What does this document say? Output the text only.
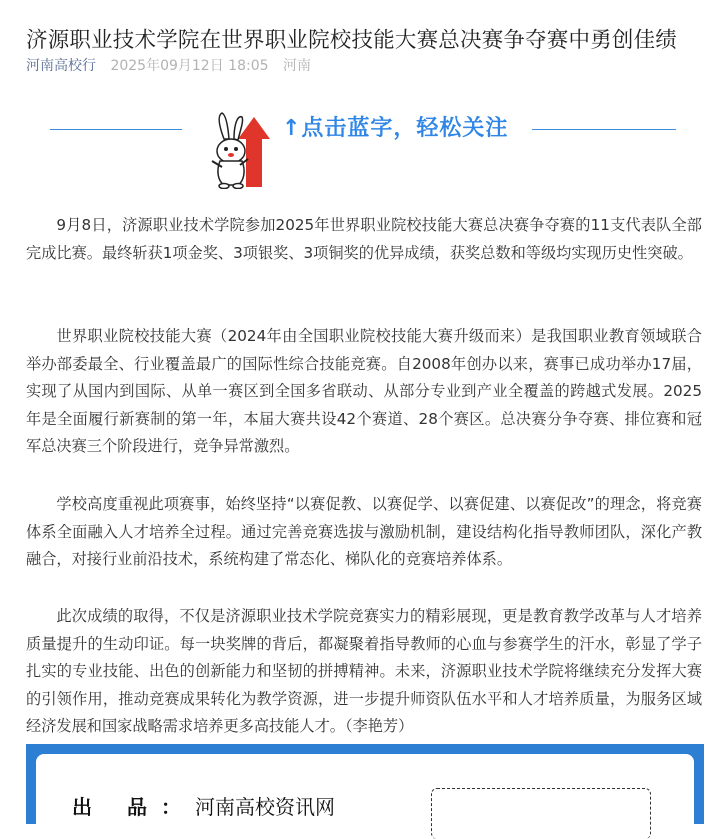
济源职业技术学院在世界职业院校技能大赛总决赛争夺赛中勇创佳绩
河南高校行 2025年09月12日 18:05 河南
↑点击蓝字，轻松关注

9月8日，济源职业技术学院参加2025年世界职业院校技能大赛总决赛争夺赛的11支代表队全部完成比赛。最终斩获1项金奖、3项银奖、3项铜奖的优异成绩，获奖总数和等级均实现历史性突破。

世界职业院校技能大赛（2024年由全国职业院校技能大赛升级而来）是我国职业教育领域联合举办部委最全、行业覆盖最广的国际性综合技能竞赛。自2008年创办以来，赛事已成功举办17届，实现了从国内到国际、从单一赛区到全国多省联动、从部分专业到产业全覆盖的跨越式发展。2025年是全面履行新赛制的第一年，本届大赛共设42个赛道、28个赛区。总决赛分争夺赛、排位赛和冠军总决赛三个阶段进行，竞争异常激烈。

学校高度重视此项赛事，始终坚持“以赛促教、以赛促学、以赛促建、以赛促改”的理念，将竞赛体系全面融入人才培养全过程。通过完善竞赛选拔与激励机制，建设结构化指导教师团队，深化产教融合，对接行业前沿技术，系统构建了常态化、梯队化的竞赛培养体系。

此次成绩的取得，不仅是济源职业技术学院竞赛实力的精彩展现，更是教育教学改革与人才培养质量提升的生动印证。每一块奖牌的背后，都凝聚着指导教师的心血与参赛学生的汗水，彰显了学子扎实的专业技能、出色的创新能力和坚韧的拼搏精神。未来，济源职业技术学院将继续充分发挥大赛的引领作用，推动竞赛成果转化为教学资源，进一步提升师资队伍水平和人才培养质量，为服务区域经济发展和国家战略需求培养更多高技能人才。（李艳芳）

出 品：河南高校资讯网
